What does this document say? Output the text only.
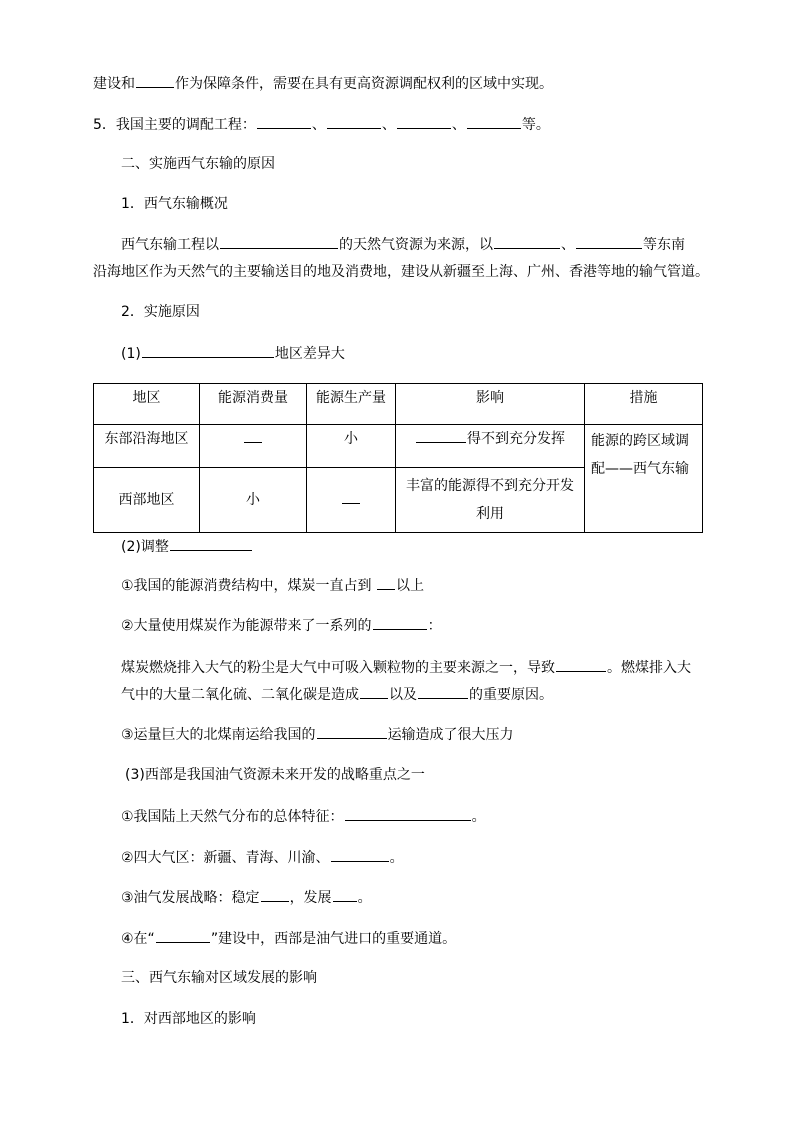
建设和	作为保障条件，需要在具有更高资源调配权利的区域中实现。
5．我国主要的调配工程：	、	、	、	等。
二、实施西气东输的原因
1．西气东输概况
西气东输工程以	的天然气资源为来源，以	、	等东南
沿海地区作为天然气的主要输送目的地及消费地，建设从新疆至上海、广州、香港等地的输气管道。
2．实施原因
(1)	地区差异大
地区	能源消费量	能源生产量	影响	措施
东部沿海地区		小	得不到充分发挥	能源的跨区域调配——西气东输
西部地区	小		丰富的能源得不到充分开发利用	
(2)调整
①我国的能源消费结构中，煤炭一直占到 以上
②大量使用煤炭作为能源带来了一系列的	：
煤炭燃烧排入大气的粉尘是大气中可吸入颗粒物的主要来源之一，导致	。燃煤排入大
气中的大量二氧化硫、二氧化碳是造成 以及	的重要原因。
③运量巨大的北煤南运给我国的	运输造成了很大压力
(3)西部是我国油气资源未来开发的战略重点之一
①我国陆上天然气分布的总体特征：	。
②四大气区：新疆、青海、川渝、	。
③油气发展战略：稳定 ，发展 。
④在“	”建设中，西部是油气进口的重要通道。
三、西气东输对区域发展的影响
1．对西部地区的影响
